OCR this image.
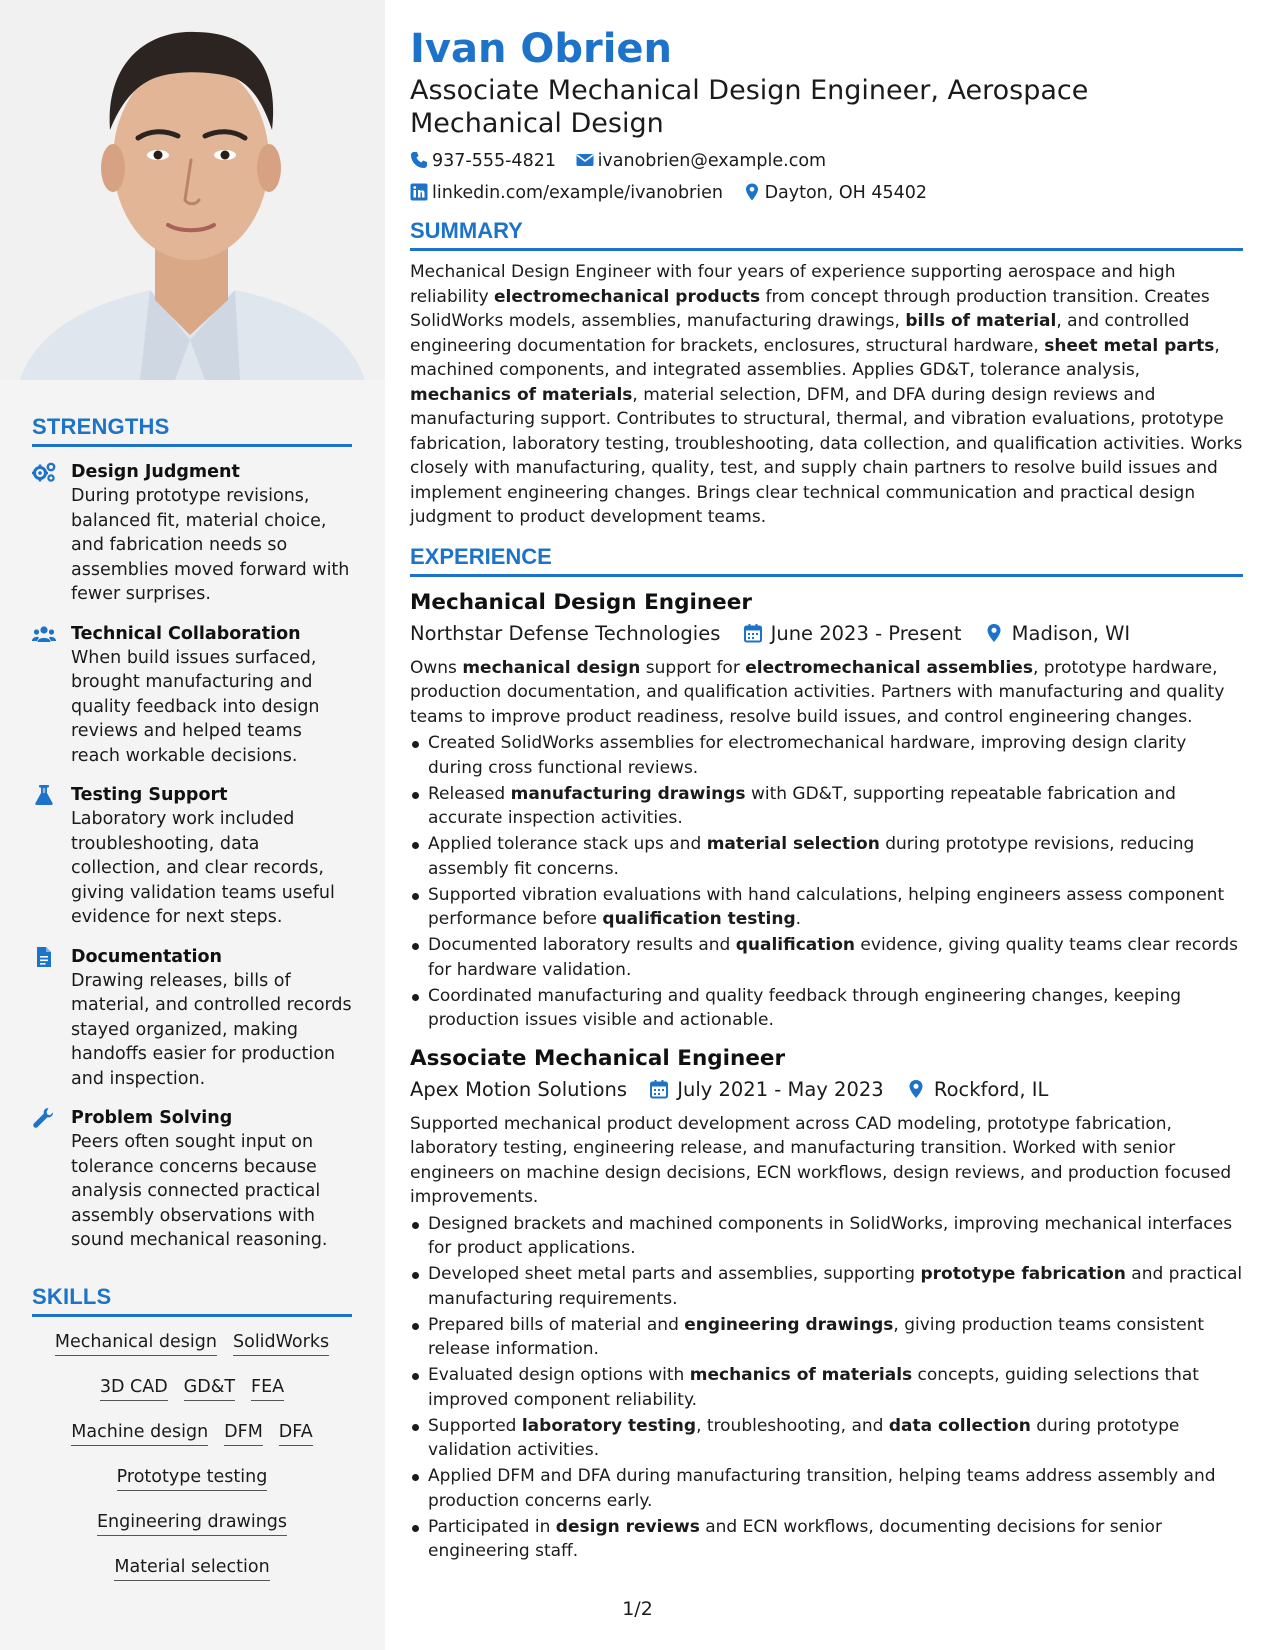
STRENGTHS
Design Judgment
During prototype revisions, balanced fit, material choice, and fabrication needs so assemblies moved forward with fewer surprises.
Technical Collaboration
When build issues surfaced, brought manufacturing and quality feedback into design reviews and helped teams reach workable decisions.
Testing Support
Laboratory work included troubleshooting, data collection, and clear records, giving validation teams useful evidence for next steps.
Documentation
Drawing releases, bills of material, and controlled records stayed organized, making handoffs easier for production and inspection.
Problem Solving
Peers often sought input on tolerance concerns because analysis connected practical assembly observations with sound mechanical reasoning.
SKILLS
Mechanical design SolidWorks
3D CAD GD&T FEA
Machine design DFM DFA
Prototype testing
Engineering drawings
Material selection
Ivan Obrien
Associate Mechanical Design Engineer, Aerospace Mechanical Design
937-555-4821 ivanobrien@example.com
linkedin.com/example/ivanobrien Dayton, OH 45402
SUMMARY
Mechanical Design Engineer with four years of experience supporting aerospace and high reliability electromechanical products from concept through production transition. Creates SolidWorks models, assemblies, manufacturing drawings, bills of material, and controlled engineering documentation for brackets, enclosures, structural hardware, sheet metal parts, machined components, and integrated assemblies. Applies GD&T, tolerance analysis, mechanics of materials, material selection, DFM, and DFA during design reviews and manufacturing support. Contributes to structural, thermal, and vibration evaluations, prototype fabrication, laboratory testing, troubleshooting, data collection, and qualification activities. Works closely with manufacturing, quality, test, and supply chain partners to resolve build issues and implement engineering changes. Brings clear technical communication and practical design judgment to product development teams.
EXPERIENCE
Mechanical Design Engineer
Northstar Defense Technologies	June 2023 - Present	Madison, WI
Owns mechanical design support for electromechanical assemblies, prototype hardware, production documentation, and qualification activities. Partners with manufacturing and quality teams to improve product readiness, resolve build issues, and control engineering changes.
Created SolidWorks assemblies for electromechanical hardware, improving design clarity during cross functional reviews.
Released manufacturing drawings with GD&T, supporting repeatable fabrication and accurate inspection activities.
Applied tolerance stack ups and material selection during prototype revisions, reducing assembly fit concerns.
Supported vibration evaluations with hand calculations, helping engineers assess component performance before qualification testing.
Documented laboratory results and qualification evidence, giving quality teams clear records for hardware validation.
Coordinated manufacturing and quality feedback through engineering changes, keeping production issues visible and actionable.
Associate Mechanical Engineer
Apex Motion Solutions	July 2021 - May 2023	Rockford, IL
Supported mechanical product development across CAD modeling, prototype fabrication, laboratory testing, engineering release, and manufacturing transition. Worked with senior engineers on machine design decisions, ECN workflows, design reviews, and production focused improvements.
Designed brackets and machined components in SolidWorks, improving mechanical interfaces for product applications.
Developed sheet metal parts and assemblies, supporting prototype fabrication and practical manufacturing requirements.
Prepared bills of material and engineering drawings, giving production teams consistent release information.
Evaluated design options with mechanics of materials concepts, guiding selections that improved component reliability.
Supported laboratory testing, troubleshooting, and data collection during prototype validation activities.
Applied DFM and DFA during manufacturing transition, helping teams address assembly and production concerns early.
Participated in design reviews and ECN workflows, documenting decisions for senior engineering staff.
1/2
